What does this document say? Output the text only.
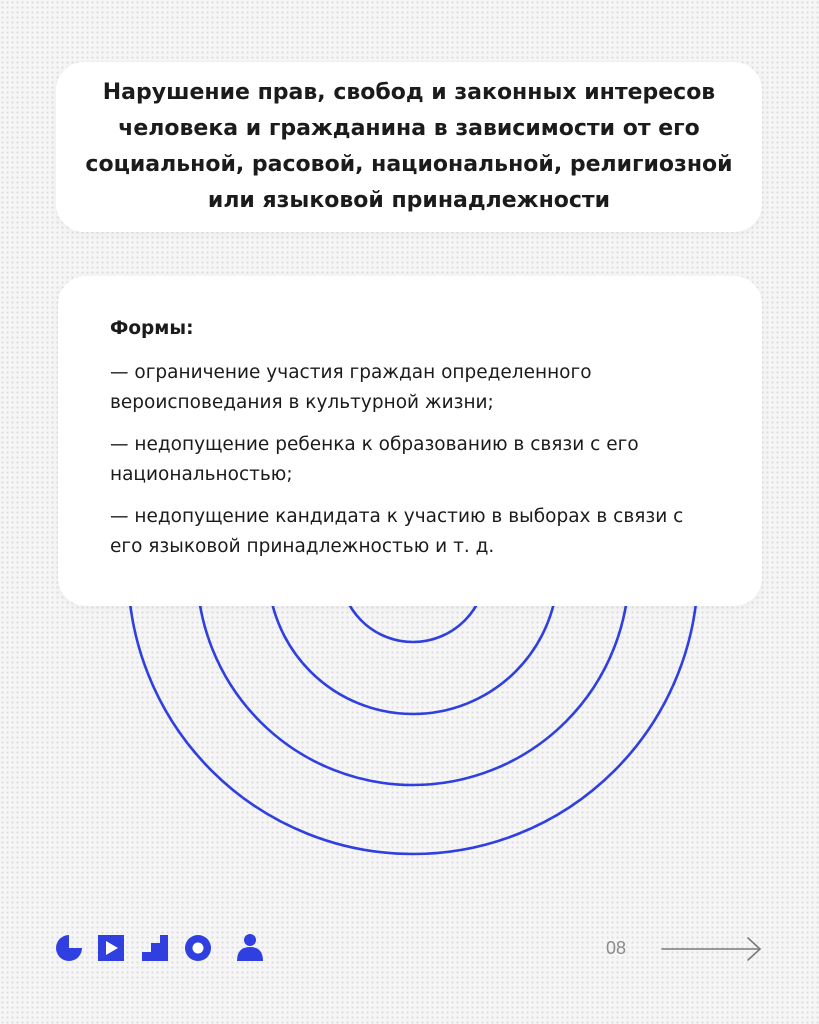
Нарушение прав, свобод и законных интересов человека и гражданина в зависимости от его социальной, расовой, национальной, религиозной или языковой принадлежности
Формы:
— ограничение участия граждан определенного вероисповедания в культурной жизни;
— недопущение ребенка к образованию в связи с его национальностью;
— недопущение кандидата к участию в выборах в связи с его языковой принадлежностью и т. д.
08
